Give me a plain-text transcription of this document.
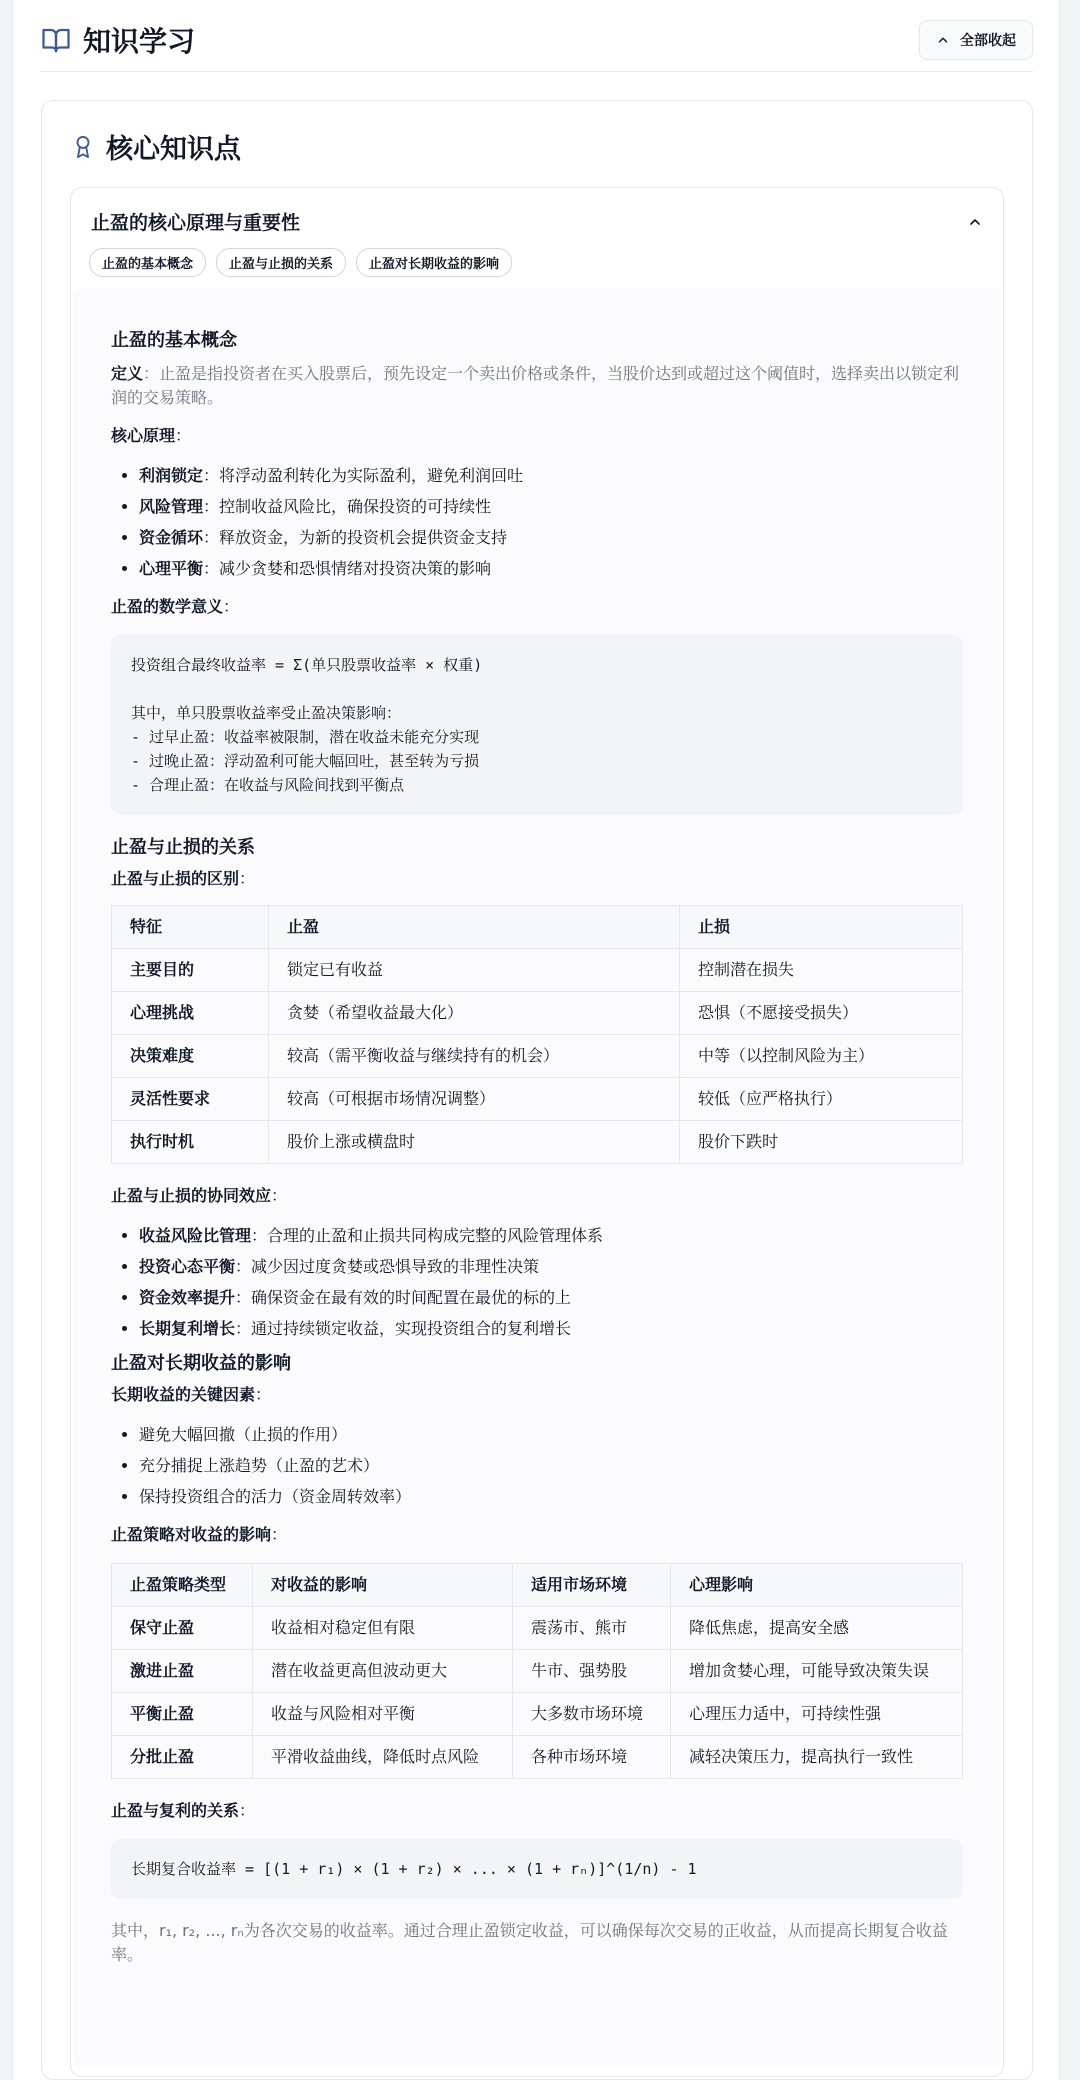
知识学习	全部收起
核心知识点
止盈的核心原理与重要性
止盈的基本概念	止盈与止损的关系	止盈对长期收益的影响
止盈的基本概念

定义：止盈是指投资者在买入股票后，预先设定一个卖出价格或条件，当股价达到或超过这个阈值时，选择卖出以锁定利润的交易策略。

核心原理：

• 利润锁定：将浮动盈利转化为实际盈利，避免利润回吐
• 风险管理：控制收益风险比，确保投资的可持续性
• 资金循环：释放资金，为新的投资机会提供资金支持
• 心理平衡：减少贪婪和恐惧情绪对投资决策的影响

止盈的数学意义：

投资组合最终收益率 = Σ(单只股票收益率 × 权重)

其中，单只股票收益率受止盈决策影响：
- 过早止盈：收益率被限制，潜在收益未能充分实现
- 过晚止盈：浮动盈利可能大幅回吐，甚至转为亏损
- 合理止盈：在收益与风险间找到平衡点
止盈与止损的关系

止盈与止损的区别：

特征	止盈	止损
主要目的	锁定已有收益	控制潜在损失
心理挑战	贪婪（希望收益最大化）	恐惧（不愿接受损失）
决策难度	较高（需平衡收益与继续持有的机会）	中等（以控制风险为主）
灵活性要求	较高（可根据市场情况调整）	较低（应严格执行）
执行时机	股价上涨或横盘时	股价下跌时

止盈与止损的协同效应：

• 收益风险比管理：合理的止盈和止损共同构成完整的风险管理体系
• 投资心态平衡：减少因过度贪婪或恐惧导致的非理性决策
• 资金效率提升：确保资金在最有效的时间配置在最优的标的上
• 长期复利增长：通过持续锁定收益，实现投资组合的复利增长
止盈对长期收益的影响

长期收益的关键因素：

• 避免大幅回撤（止损的作用）
• 充分捕捉上涨趋势（止盈的艺术）
• 保持投资组合的活力（资金周转效率）

止盈策略对收益的影响：

止盈策略类型	对收益的影响	适用市场环境	心理影响
保守止盈	收益相对稳定但有限	震荡市、熊市	降低焦虑，提高安全感
激进止盈	潜在收益更高但波动更大	牛市、强势股	增加贪婪心理，可能导致决策失误
平衡止盈	收益与风险相对平衡	大多数市场环境	心理压力适中，可持续性强
分批止盈	平滑收益曲线，降低时点风险	各种市场环境	减轻决策压力，提高执行一致性

止盈与复利的关系：

长期复合收益率 = [(1 + r₁) × (1 + r₂) × ... × (1 + rₙ)]^(1/n) - 1

其中，r₁, r₂, ..., rₙ为各次交易的收益率。通过合理止盈锁定收益，可以确保每次交易的正收益，从而提高长期复合收益率。
